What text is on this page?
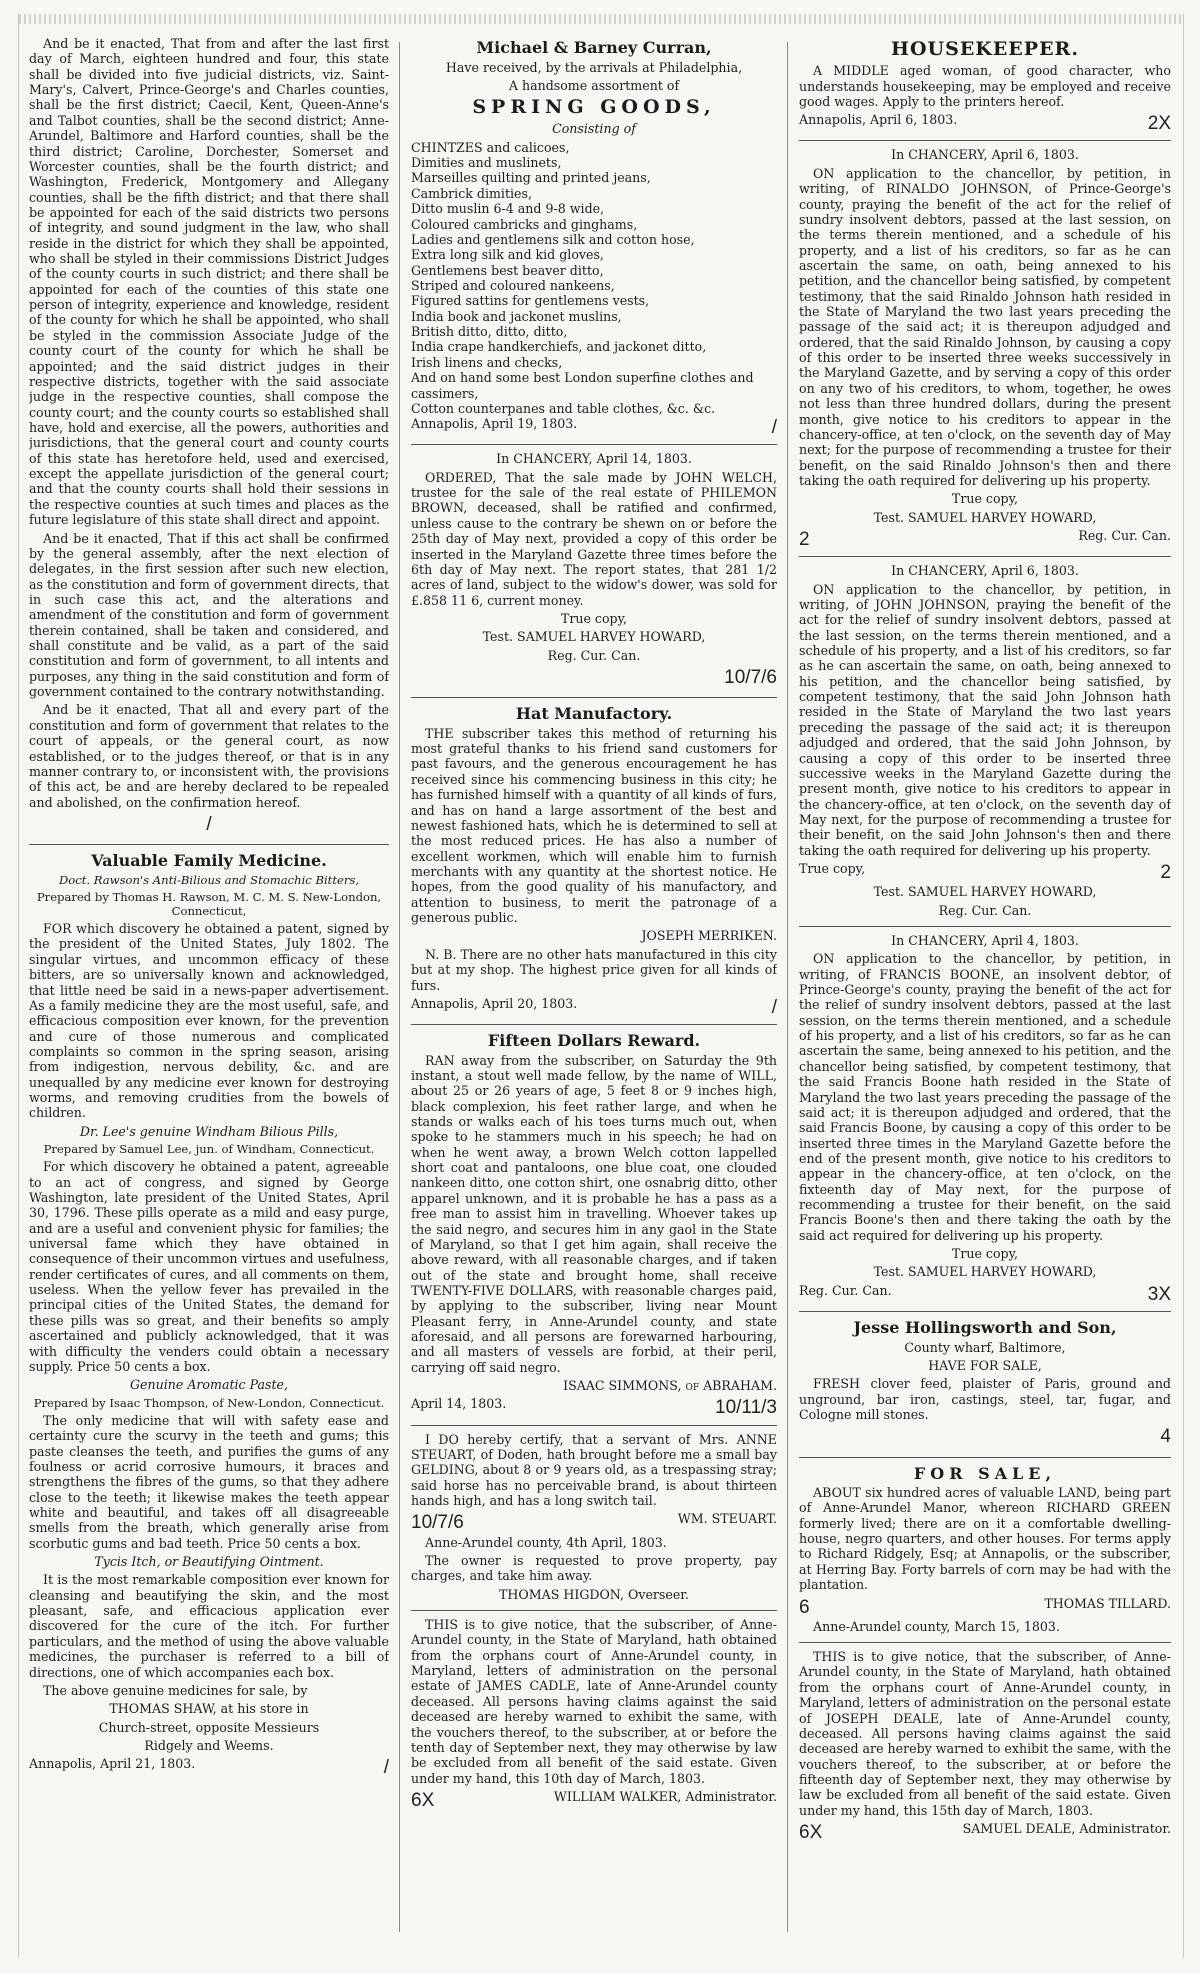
And be it enacted, That from and after the last first day of March, eighteen hundred and four, this state shall be divided into five judicial districts, viz. Saint-Mary's, Calvert, Prince-George's and Charles counties, shall be the first district; Caecil, Kent, Queen-Anne's and Talbot counties, shall be the second district; Anne-Arundel, Baltimore and Harford counties, shall be the third district; Caroline, Dorchester, Somerset and Worcester counties, shall be the fourth district; and Washington, Frederick, Montgomery and Allegany counties, shall be the fifth district; and that there shall be appointed for each of the said districts two persons of integrity, and sound judgment in the law, who shall reside in the district for which they shall be appointed, who shall be styled in their commissions District Judges of the county courts in such district; and there shall be appointed for each of the counties of this state one person of integrity, experience and knowledge, resident of the county for which he shall be appointed, who shall be styled in the commission Associate Judge of the county court of the county for which he shall be appointed; and the said district judges in their respective districts, together with the said associate judge in the respective counties, shall compose the county court; and the county courts so established shall have, hold and exercise, all the powers, authorities and jurisdictions, that the general court and county courts of this state has heretofore held, used and exercised, except the appellate jurisdiction of the general court; and that the county courts shall hold their sessions in the respective counties at such times and places as the future legislature of this state shall direct and appoint.

And be it enacted, That if this act shall be confirmed by the general assembly, after the next election of delegates, in the first session after such new election, as the constitution and form of government directs, that in such case this act, and the alterations and amendment of the constitution and form of government therein contained, shall be taken and considered, and shall constitute and be valid, as a part of the said constitution and form of government, to all intents and purposes, any thing in the said constitution and form of government contained to the contrary notwithstanding.

And be it enacted, That all and every part of the constitution and form of government that relates to the court of appeals, or the general court, as now established, or to the judges thereof, or that is in any manner contrary to, or inconsistent with, the provisions of this act, be and are hereby declared to be repealed and abolished, on the confirmation hereof.

/

Valuable Family Medicine.

Doct. Rawson's Anti-Bilious and Stomachic Bitters,

Prepared by Thomas H. Rawson, M. C. M. S. New-London, Connecticut,

FOR which discovery he obtained a patent, signed by the president of the United States, July 1802. The singular virtues, and uncommon efficacy of these bitters, are so universally known and acknowledged, that little need be said in a news-paper advertisement. As a family medicine they are the most useful, safe, and efficacious composition ever known, for the prevention and cure of those numerous and complicated complaints so common in the spring season, arising from indigestion, nervous debility, &c. and are unequalled by any medicine ever known for destroying worms, and removing crudities from the bowels of children.

Dr. Lee's genuine Windham Bilious Pills,

Prepared by Samuel Lee, jun. of Windham, Connecticut.

For which discovery he obtained a patent, agreeable to an act of congress, and signed by George Washington, late president of the United States, April 30, 1796. These pills operate as a mild and easy purge, and are a useful and convenient physic for families; the universal fame which they have obtained in consequence of their uncommon virtues and usefulness, render certificates of cures, and all comments on them, useless. When the yellow fever has prevailed in the principal cities of the United States, the demand for these pills was so great, and their benefits so amply ascertained and publicly acknowledged, that it was with difficulty the venders could obtain a necessary supply. Price 50 cents a box.

Genuine Aromatic Paste,

Prepared by Isaac Thompson, of New-London, Connecticut.

The only medicine that will with safety ease and certainty cure the scurvy in the teeth and gums; this paste cleanses the teeth, and purifies the gums of any foulness or acrid corrosive humours, it braces and strengthens the fibres of the gums, so that they adhere close to the teeth; it likewise makes the teeth appear white and beautiful, and takes off all disagreeable smells from the breath, which generally arise from scorbutic gums and bad teeth. Price 50 cents a box.

Tycis Itch, or Beautifying Ointment.

It is the most remarkable composition ever known for cleansing and beautifying the skin, and the most pleasant, safe, and efficacious application ever discovered for the cure of the itch. For further particulars, and the method of using the above valuable medicines, the purchaser is referred to a bill of directions, one of which accompanies each box.

The above genuine medicines for sale, by

THOMAS SHAW, at his store in

Church-street, opposite Messieurs

Ridgely and Weems.

Annapolis, April 21, 1803.	/
Michael & Barney Curran,

Have received, by the arrivals at Philadelphia,

A handsome assortment of

SPRING GOODS,

Consisting of

CHINTZES and calicoes,

Dimities and muslinets,

Marseilles quilting and printed jeans,

Cambrick dimities,

Ditto muslin 6-4 and 9-8 wide,

Coloured cambricks and ginghams,

Ladies and gentlemens silk and cotton hose,

Extra long silk and kid gloves,

Gentlemens best beaver ditto,

Striped and coloured nankeens,

Figured sattins for gentlemens vests,

India book and jackonet muslins,

British ditto, ditto, ditto,

India crape handkerchiefs, and jackonet ditto,

Irish linens and checks,

And on hand some best London superfine clothes and cassimers,

Cotton counterpanes and table clothes, &c. &c.

Annapolis, April 19, 1803.	/

In CHANCERY, April 14, 1803.

ORDERED, That the sale made by JOHN WELCH, trustee for the sale of the real estate of PHILEMON BROWN, deceased, shall be ratified and confirmed, unless cause to the contrary be shewn on or before the 25th day of May next, provided a copy of this order be inserted in the Maryland Gazette three times before the 6th day of May next. The report states, that 281 1/2 acres of land, subject to the widow's dower, was sold for £.858 11 6, current money.

True copy,

Test. SAMUEL HARVEY HOWARD,

Reg. Cur. Can.

10/7/6

Hat Manufactory.

THE subscriber takes this method of returning his most grateful thanks to his friend sand customers for past favours, and the generous encouragement he has received since his commencing business in this city; he has furnished himself with a quantity of all kinds of furs, and has on hand a large assortment of the best and newest fashioned hats, which he is determined to sell at the most reduced prices. He has also a number of excellent workmen, which will enable him to furnish merchants with any quantity at the shortest notice. He hopes, from the good quality of his manufactory, and attention to business, to merit the patronage of a generous public.

JOSEPH MERRIKEN.

N. B. There are no other hats manufactured in this city but at my shop. The highest price given for all kinds of furs.

Annapolis, April 20, 1803.	/
Fifteen Dollars Reward.

RAN away from the subscriber, on Saturday the 9th instant, a stout well made fellow, by the name of WILL, about 25 or 26 years of age, 5 feet 8 or 9 inches high, black complexion, his feet rather large, and when he stands or walks each of his toes turns much out, when spoke to he stammers much in his speech; he had on when he went away, a brown Welch cotton lappelled short coat and pantaloons, one blue coat, one clouded nankeen ditto, one cotton shirt, one osnabrig ditto, other apparel unknown, and it is probable he has a pass as a free man to assist him in travelling. Whoever takes up the said negro, and secures him in any gaol in the State of Maryland, so that I get him again, shall receive the above reward, with all reasonable charges, and if taken out of the state and brought home, shall receive TWENTY-FIVE DOLLARS, with reasonable charges paid, by applying to the subscriber, living near Mount Pleasant ferry, in Anne-Arundel county, and state aforesaid, and all persons are forewarned harbouring, and all masters of vessels are forbid, at their peril, carrying off said negro.

ISAAC SIMMONS, of ABRAHAM.

April 14, 1803.	10/11/3

I DO hereby certify, that a servant of Mrs. ANNE STEUART, of Doden, hath brought before me a small bay GELDING, about 8 or 9 years old, as a trespassing stray; said horse has no perceivable brand, is about thirteen hands high, and has a long switch tail.

10/7/6	WM. STEUART.

Anne-Arundel county, 4th April, 1803.

The owner is requested to prove property, pay charges, and take him away.

THOMAS HIGDON, Overseer.

THIS is to give notice, that the subscriber, of Anne-Arundel county, in the State of Maryland, hath obtained from the orphans court of Anne-Arundel county, in Maryland, letters of administration on the personal estate of JAMES CADLE, late of Anne-Arundel county deceased. All persons having claims against the said deceased are hereby warned to exhibit the same, with the vouchers thereof, to the subscriber, at or before the tenth day of September next, they may otherwise by law be excluded from all benefit of the said estate. Given under my hand, this 10th day of March, 1803.

6X	WILLIAM WALKER, Administrator.
HOUSEKEEPER.

A MIDDLE aged woman, of good character, who understands housekeeping, may be employed and receive good wages. Apply to the printers hereof.

Annapolis, April 6, 1803.	2X

In CHANCERY, April 6, 1803.

ON application to the chancellor, by petition, in writing, of RINALDO JOHNSON, of Prince-George's county, praying the benefit of the act for the relief of sundry insolvent debtors, passed at the last session, on the terms therein mentioned, and a schedule of his property, and a list of his creditors, so far as he can ascertain the same, on oath, being annexed to his petition, and the chancellor being satisfied, by competent testimony, that the said Rinaldo Johnson hath resided in the State of Maryland the two last years preceding the passage of the said act; it is thereupon adjudged and ordered, that the said Rinaldo Johnson, by causing a copy of this order to be inserted three weeks successively in the Maryland Gazette, and by serving a copy of this order on any two of his creditors, to whom, together, he owes not less than three hundred dollars, during the present month, give notice to his creditors to appear in the chancery-office, at ten o'clock, on the seventh day of May next; for the purpose of recommending a trustee for their benefit, on the said Rinaldo Johnson's then and there taking the oath required for delivering up his property.

True copy,

Test. SAMUEL HARVEY HOWARD,

2	Reg. Cur. Can.

In CHANCERY, April 6, 1803.

ON application to the chancellor, by petition, in writing, of JOHN JOHNSON, praying the benefit of the act for the relief of sundry insolvent debtors, passed at the last session, on the terms therein mentioned, and a schedule of his property, and a list of his creditors, so far as he can ascertain the same, on oath, being annexed to his petition, and the chancellor being satisfied, by competent testimony, that the said John Johnson hath resided in the State of Maryland the two last years preceding the passage of the said act; it is thereupon adjudged and ordered, that the said John Johnson, by causing a copy of this order to be inserted three successive weeks in the Maryland Gazette during the present month, give notice to his creditors to appear in the chancery-office, at ten o'clock, on the seventh day of May next, for the purpose of recommending a trustee for their benefit, on the said John Johnson's then and there taking the oath required for delivering up his property.

True copy,	2

Test. SAMUEL HARVEY HOWARD,

Reg. Cur. Can.

In CHANCERY, April 4, 1803.

ON application to the chancellor, by petition, in writing, of FRANCIS BOONE, an insolvent debtor, of Prince-George's county, praying the benefit of the act for the relief of sundry insolvent debtors, passed at the last session, on the terms therein mentioned, and a schedule of his property, and a list of his creditors, so far as he can ascertain the same, being annexed to his petition, and the chancellor being satisfied, by competent testimony, that the said Francis Boone hath resided in the State of Maryland the two last years preceding the passage of the said act; it is thereupon adjudged and ordered, that the said Francis Boone, by causing a copy of this order to be inserted three times in the Maryland Gazette before the end of the present month, give notice to his creditors to appear in the chancery-office, at ten o'clock, on the fixteenth day of May next, for the purpose of recommending a trustee for their benefit, on the said Francis Boone's then and there taking the oath by the said act required for delivering up his property.

True copy,

Test. SAMUEL HARVEY HOWARD,

Reg. Cur. Can.	3X
Jesse Hollingsworth and Son,

County wharf, Baltimore,

HAVE FOR SALE,

FRESH clover feed, plaister of Paris, ground and unground, bar iron, castings, steel, tar, fugar, and Cologne mill stones.

4

FOR SALE,

ABOUT six hundred acres of valuable LAND, being part of Anne-Arundel Manor, whereon RICHARD GREEN formerly lived; there are on it a comfortable dwelling-house, negro quarters, and other houses. For terms apply to Richard Ridgely, Esq; at Annapolis, or the subscriber, at Herring Bay. Forty barrels of corn may be had with the plantation.

6	THOMAS TILLARD.

Anne-Arundel county, March 15, 1803.

THIS is to give notice, that the subscriber, of Anne-Arundel county, in the State of Maryland, hath obtained from the orphans court of Anne-Arundel county, in Maryland, letters of administration on the personal estate of JOSEPH DEALE, late of Anne-Arundel county, deceased. All persons having claims against the said deceased are hereby warned to exhibit the same, with the vouchers thereof, to the subscriber, at or before the fifteenth day of September next, they may otherwise by law be excluded from all benefit of the said estate. Given under my hand, this 15th day of March, 1803.

6X	SAMUEL DEALE, Administrator.
